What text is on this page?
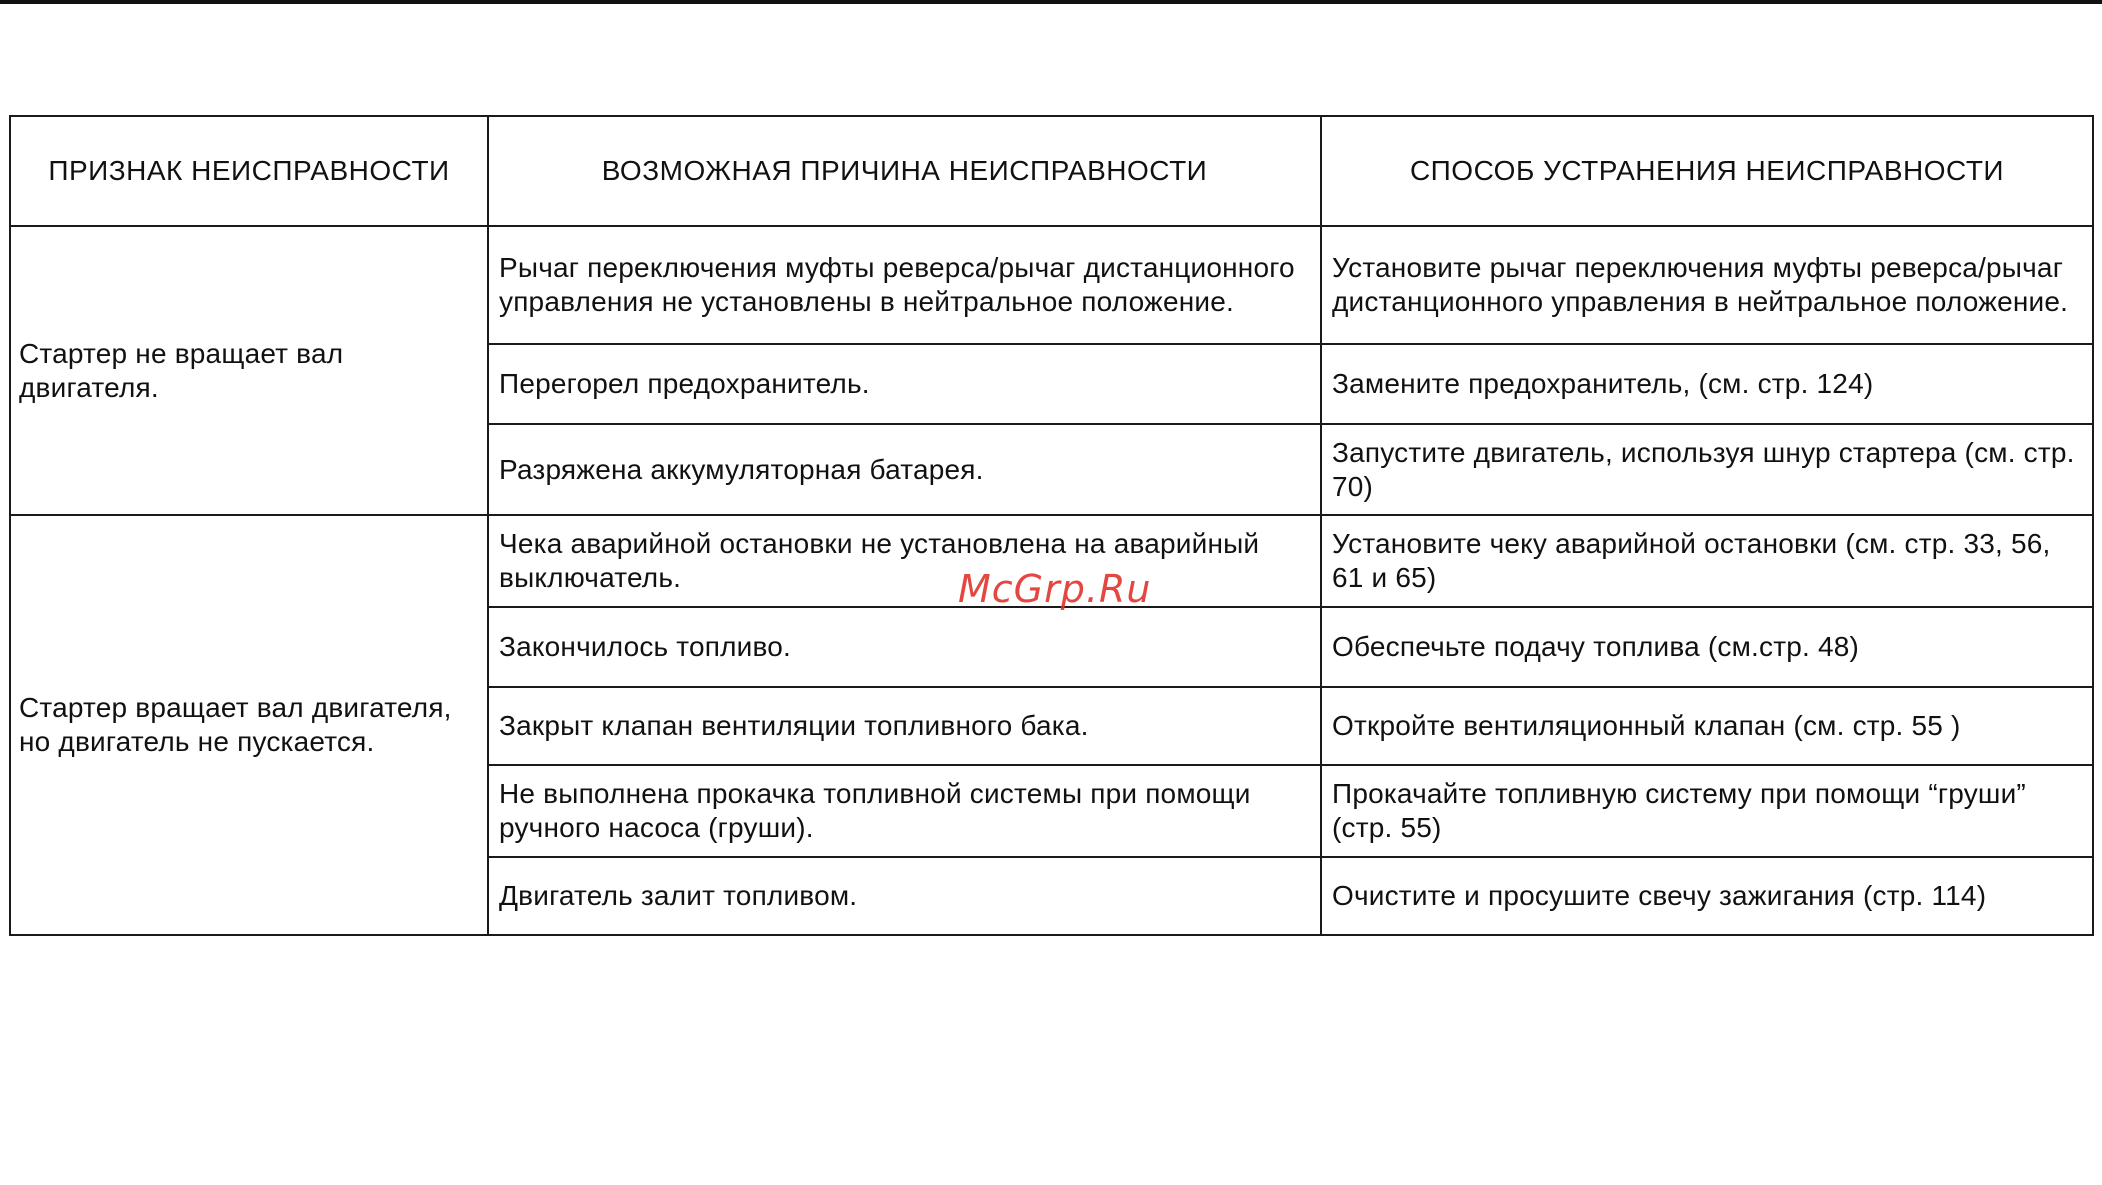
ПРИЗНАК НЕИСПРАВНОСТИ	ВОЗМОЖНАЯ ПРИЧИНА НЕИСПРАВНОСТИ	СПОСОБ УСТРАНЕНИЯ НЕИСПРАВНОСТИ
Стартер не вращает вал двигателя.	Рычаг переключения муфты реверса/рычаг дистанционного управления не установлены в нейтральное положение.	Установите рычаг переключения муфты реверса/рычаг дистанционного управления в нейтральное положение.
	Перегорел предохранитель.	Замените предохранитель, (см. стр. 124)
	Разряжена аккумуляторная батарея.	Запустите двигатель, используя шнур стартера (см. стр. 70)
Стартер вращает вал двигателя, но двигатель не пускается.	Чека аварийной остановки не установлена на аварийный выключатель.	Установите чеку аварийной остановки (см. стр. 33, 56, 61 и 65)
	Закончилось топливо.	Обеспечьте подачу топлива (см.стр. 48)
	Закрыт клапан вентиляции топливного бака.	Откройте вентиляционный клапан (см. стр. 55 )
	Не выполнена прокачка топливной системы при помощи ручного насоса (груши).	Прокачайте топливную систему при помощи “груши” (стр. 55)
	Двигатель залит топливом.	Очистите и просушите свечу зажигания (стр. 114)
McGrp.Ru
